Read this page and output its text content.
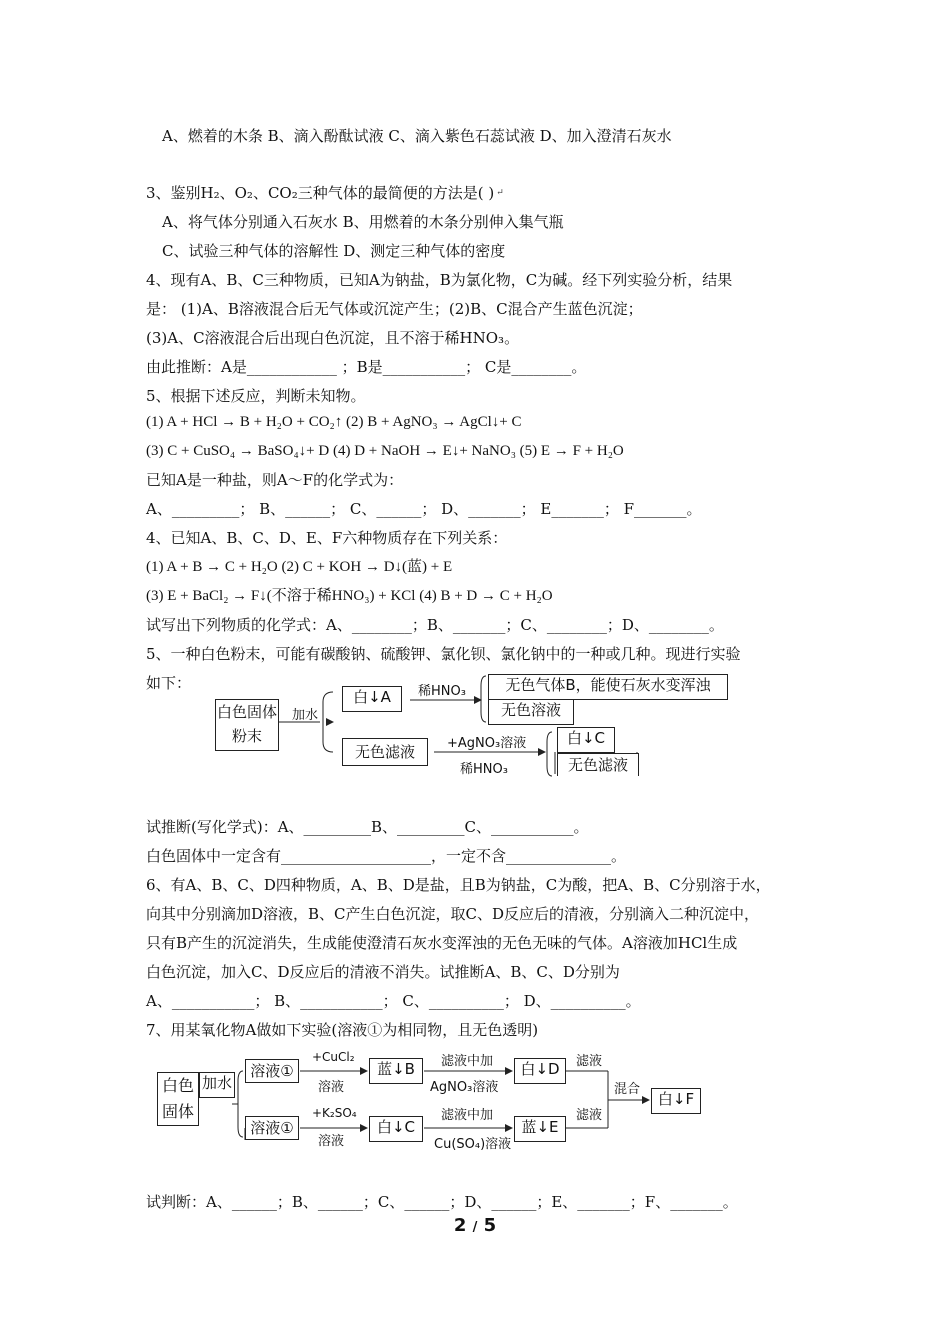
A、燃着的木条 B、滴入酚酞试液 C、滴入紫色石蕊试液 D、加入澄清石灰水
3、鉴别H₂、O₂、CO₂三种气体的最简便的方法是( ) ↵
A、将气体分别通入石灰水 B、用燃着的木条分别伸入集气瓶
C、试验三种气体的溶解性 D、测定三种气体的密度
4、现有A、B、C三种物质，已知A为钠盐，B为氯化物，C为碱。经下列实验分析，结果
是： (1)A、B溶液混合后无气体或沉淀产生；(2)B、C混合产生蓝色沉淀；
(3)A、C溶液混合后出现白色沉淀，且不溶于稀HNO₃。
由此推断：A是____________ ；B是___________； C是________。
5、根据下述反应，判断未知物。
(1) A + HCl → B + H₂O + CO₂↑ (2) B + AgNO₃ → AgCl↓+ C
(3) C + CuSO₄ → BaSO₄↓+ D (4) D + NaOH → E↓+ NaNO₃ (5) E → F + H₂O
已知A是一种盐，则A～F的化学式为：
A、_________； B、______； C、______； D、_______； E_______； F_______。
4、已知A、B、C、D、E、F六种物质存在下列关系：
(1) A + B → C + H₂O (2) C + KOH → D↓(蓝) + E
(3) E + BaCl₂ → F↓(不溶于稀HNO₃) + KCl (4) B + D → C + H₂O
试写出下列物质的化学式：A、________；B、_______；C、________；D、________。
5、一种白色粉末，可能有碳酸钠、硫酸钾、氯化钡、氯化钠中的一种或几种。现进行实验
如下：
白色固体粉末
加水
白↓A	稀HNO₃	无色气体B，能使石灰水变浑浊
无色溶液
无色滤液	+AgNO₃溶液
稀HNO₃
白↓C
无色滤液
试推断(写化学式)：A、_________B、_________C、___________。
白色固体中一定含有____________________，一定不含______________。
6、有A、B、C、D四种物质，A、B、D是盐，且B为钠盐，C为酸，把A、B、C分别溶于水，
向其中分别滴加D溶液，B、C产生白色沉淀，取C、D反应后的清液，分别滴入二种沉淀中，
只有B产生的沉淀消失，生成能使澄清石灰水变浑浊的无色无味的气体。A溶液加HCl生成
白色沉淀，加入C、D反应后的清液不消失。试推断A、B、C、D分别为
A、___________； B、___________； C、__________； D、__________。
7、用某氧化物A做如下实验(溶液①为相同物，且无色透明)
白色固体
加水
溶液①
溶液①
+CuCl₂
溶液
+K₂SO₄
溶液
蓝↓B
白↓C
滤液中加
AgNO₃溶液
滤液中加
Cu(SO₄)溶液
白↓D
蓝↓E
滤液
滤液
混合
白↓F
试判断：A、______；B、______；C、______；D、______；E、_______；F、_______。
2 / 5
